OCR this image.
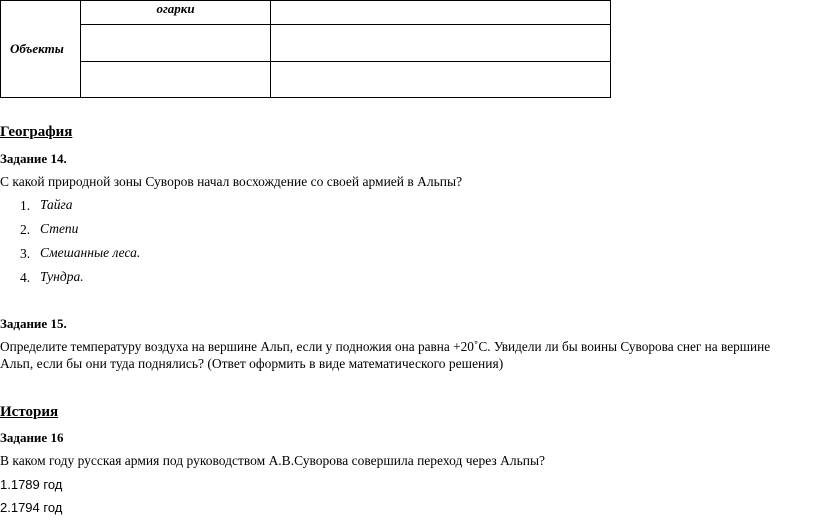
Объекты	огарки	

География
Задание 14.
С какой природной зоны Суворов начал восхождение со своей армией в Альпы?
1. Тайга
2. Степи
3. Смешанные леса.
4. Тундра.
Задание 15.
Определите температуру воздуха на вершине Альп, если у подножия она равна +20˚С. Увидели ли бы воины Суворова снег на вершине
Альп, если бы они туда поднялись? (Ответ оформить в виде математического решения)
История
Задание 16
В каком году русская армия под руководством А.В.Суворова совершила переход через Альпы?
1.1789 год
2.1794 год
